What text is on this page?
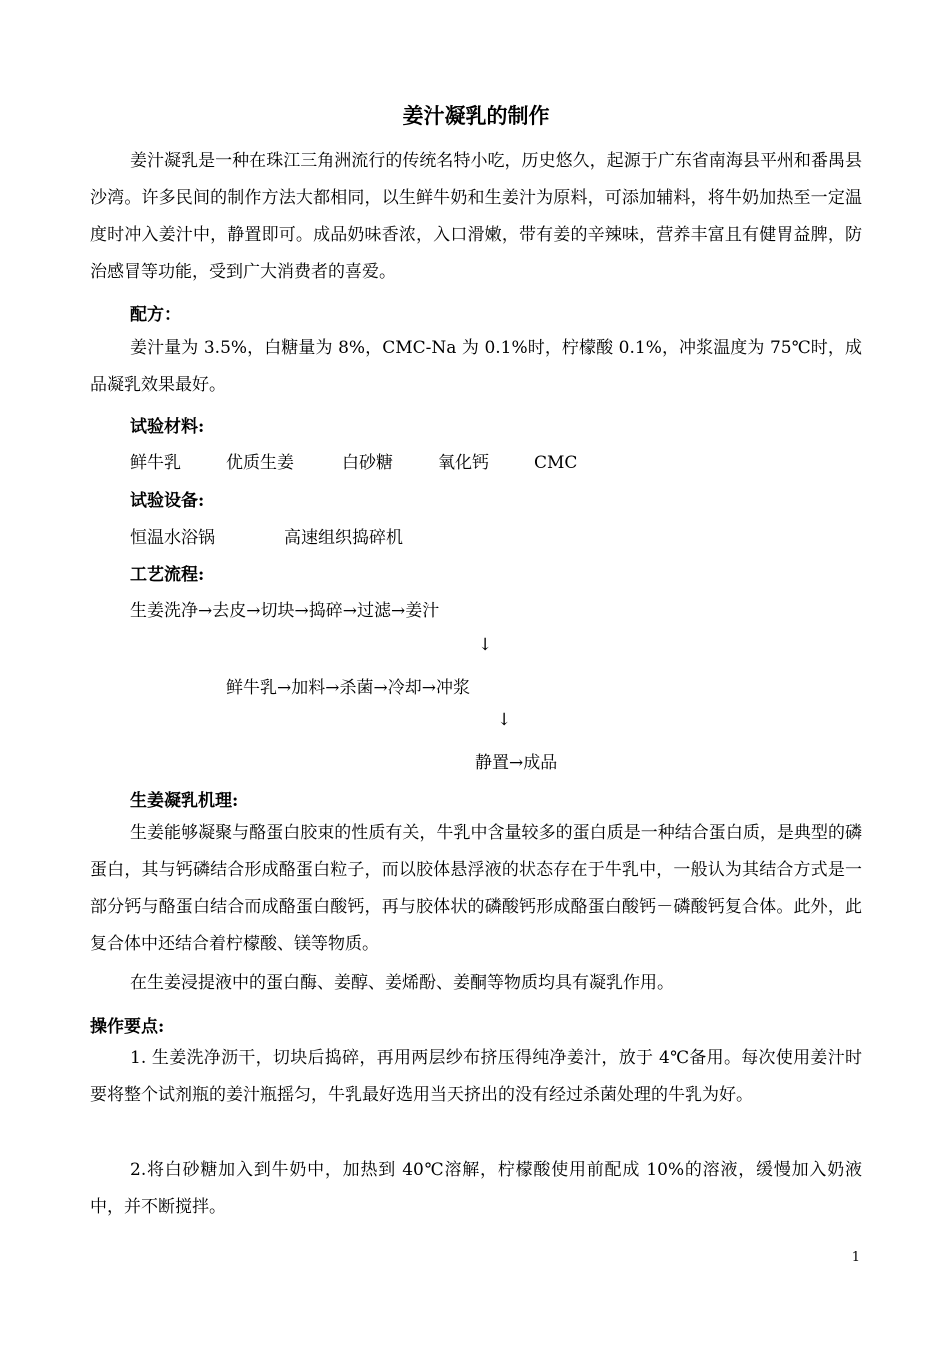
姜汁凝乳的制作

姜汁凝乳是一种在珠江三角洲流行的传统名特小吃，历史悠久，起源于广东省南海县平州和番禺县沙湾。许多民间的制作方法大都相同，以生鲜牛奶和生姜汁为原料，可添加辅料，将牛奶加热至一定温度时冲入姜汁中，静置即可。成品奶味香浓，入口滑嫩，带有姜的辛辣味，营养丰富且有健胃益脾，防治感冒等功能，受到广大消费者的喜爱。

配方：

姜汁量为 3.5%，白糖量为 8%，CMC-Na 为 0.1%时，柠檬酸 0.1%，冲浆温度为 75℃时，成品凝乳效果最好。

试验材料:

鲜牛乳	优质生姜	白砂糖	氧化钙	CMC

试验设备:

恒温水浴锅	高速组织捣碎机

工艺流程:

生姜洗净→去皮→切块→捣碎→过滤→姜汁
↓
鲜牛乳→加料→杀菌→冷却→冲浆
↓
静置→成品

生姜凝乳机理:

生姜能够凝聚与酪蛋白胶束的性质有关，牛乳中含量较多的蛋白质是一种结合蛋白质，是典型的磷蛋白，其与钙磷结合形成酪蛋白粒子，而以胶体悬浮液的状态存在于牛乳中，一般认为其结合方式是一部分钙与酪蛋白结合而成酪蛋白酸钙，再与胶体状的磷酸钙形成酪蛋白酸钙－磷酸钙复合体。此外，此复合体中还结合着柠檬酸、镁等物质。

在生姜浸提液中的蛋白酶、姜醇、姜烯酚、姜酮等物质均具有凝乳作用。

操作要点:

1. 生姜洗净沥干，切块后捣碎，再用两层纱布挤压得纯净姜汁，放于 4℃备用。每次使用姜汁时要将整个试剂瓶的姜汁瓶摇匀，牛乳最好选用当天挤出的没有经过杀菌处理的牛乳为好。

2.将白砂糖加入到牛奶中，加热到 40℃溶解，柠檬酸使用前配成 10%的溶液，缓慢加入奶液中，并不断搅拌。

1
